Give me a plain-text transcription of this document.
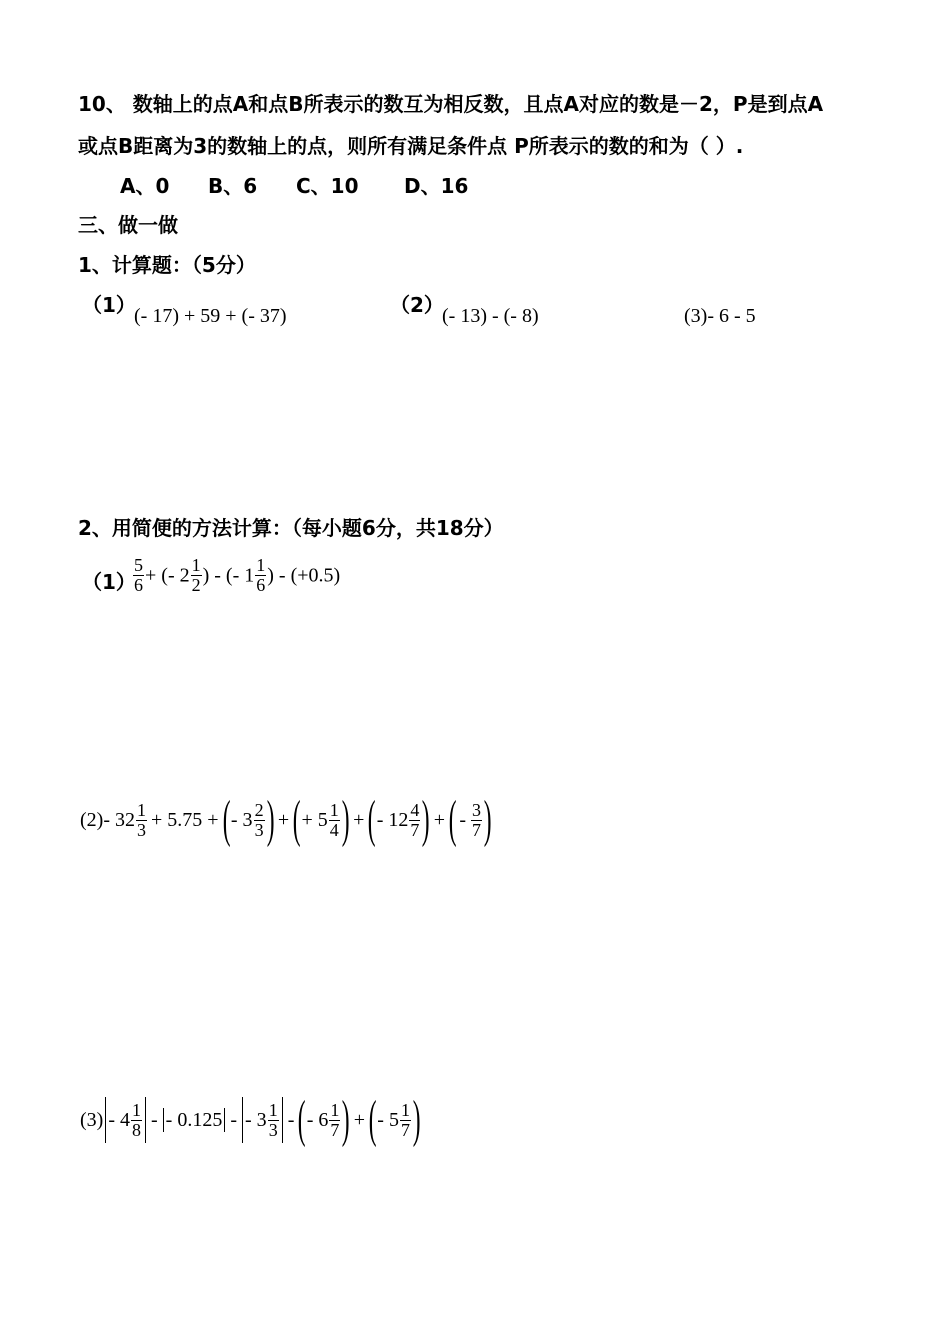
10、 数轴上的点A和点B所表示的数互为相反数，且点A对应的数是－2，P是到点A
或点B距离为3的数轴上的点，则所有满足条件点 P所表示的数的和为（ ）.
A、0 B、6 C、10 D、16
三、做一做
1、计算题：（5分）
（1）
(- 17) + 59 + (- 37)	（2）
(- 13) - (- 8)	(3)- 6 - 5
2、用简便的方法计算：（每小题6分，共18分）
（1）
$\frac{5}{6}$ + (- $2 \frac{1}{2}$ ) - (- $1 \frac{1}{6}$ ) - (+0.5)
(2)- $32 \frac{1}{3} + 5.75$ +(- $3 \frac{2}{3}$ ) +(+ $5 \frac{1}{4}$ ) +(- $12 \frac{4}{7}$ ) +( - $\frac{3}{7}$ )
$(3) - 4 \frac{1}{8}$ - - 0.125 - - $3 \frac{1}{3}$ -(- $6 \frac{1}{7}$ ) +(- $5 \frac{1}{7}$ )
